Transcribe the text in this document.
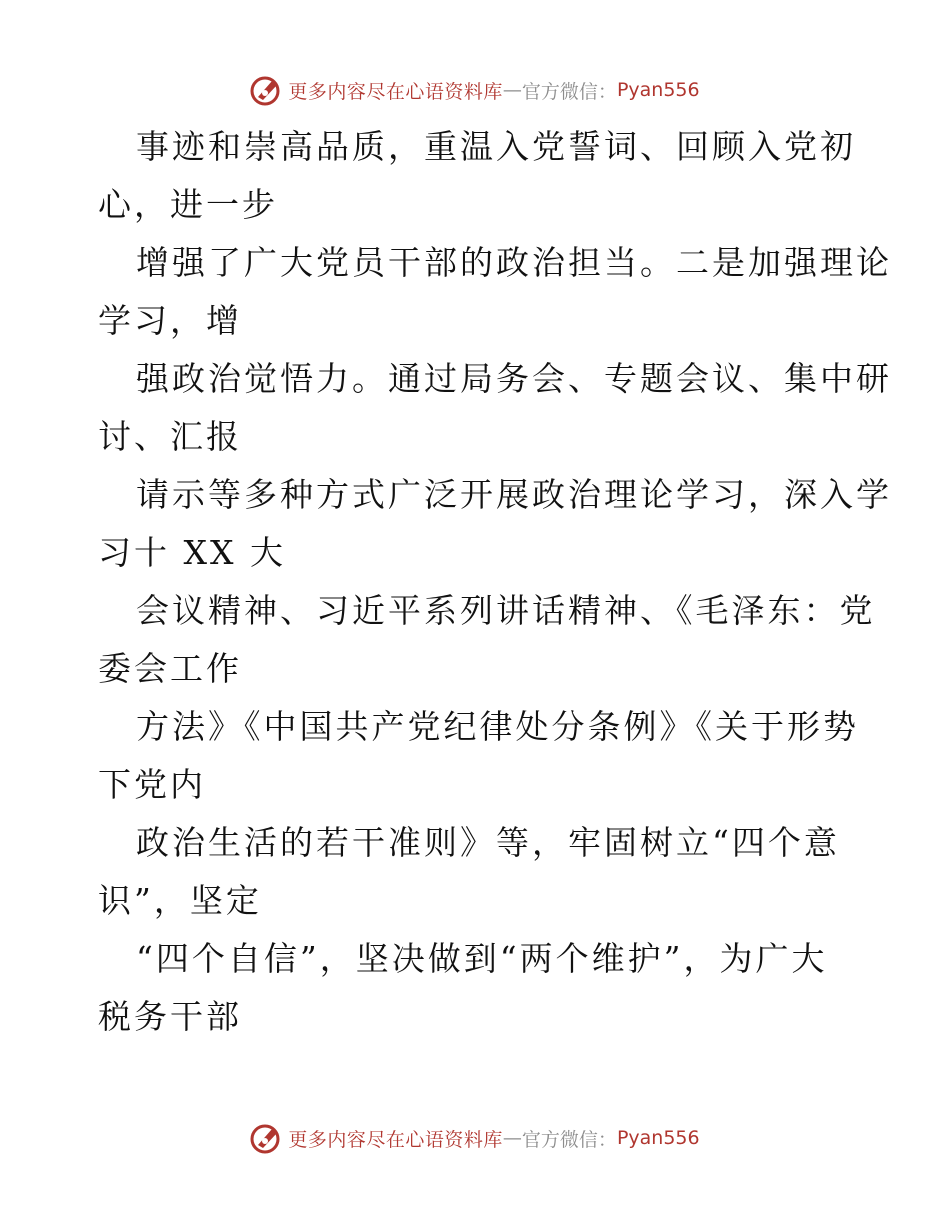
更多内容尽在心语资料库 — 官方微信： Pyan556
事迹和崇高品质，重温入党誓词、回顾入党初
心，进一步
增强了广大党员干部的政治担当。二是加强理论
学习，增
强政治觉悟力。通过局务会、专题会议、集中研
讨、汇报
请示等多种方式广泛开展政治理论学习，深入学
习十 XX 大
会议精神、习近平系列讲话精神、《毛泽东：党
委会工作
方法》《中国共产党纪律处分条例》《关于形势
下党内
政治生活的若干准则》等，牢固树立“四个意
识”，坚定
“四个自信”，坚决做到“两个维护”，为广大
税务干部
更多内容尽在心语资料库 — 官方微信： Pyan556
